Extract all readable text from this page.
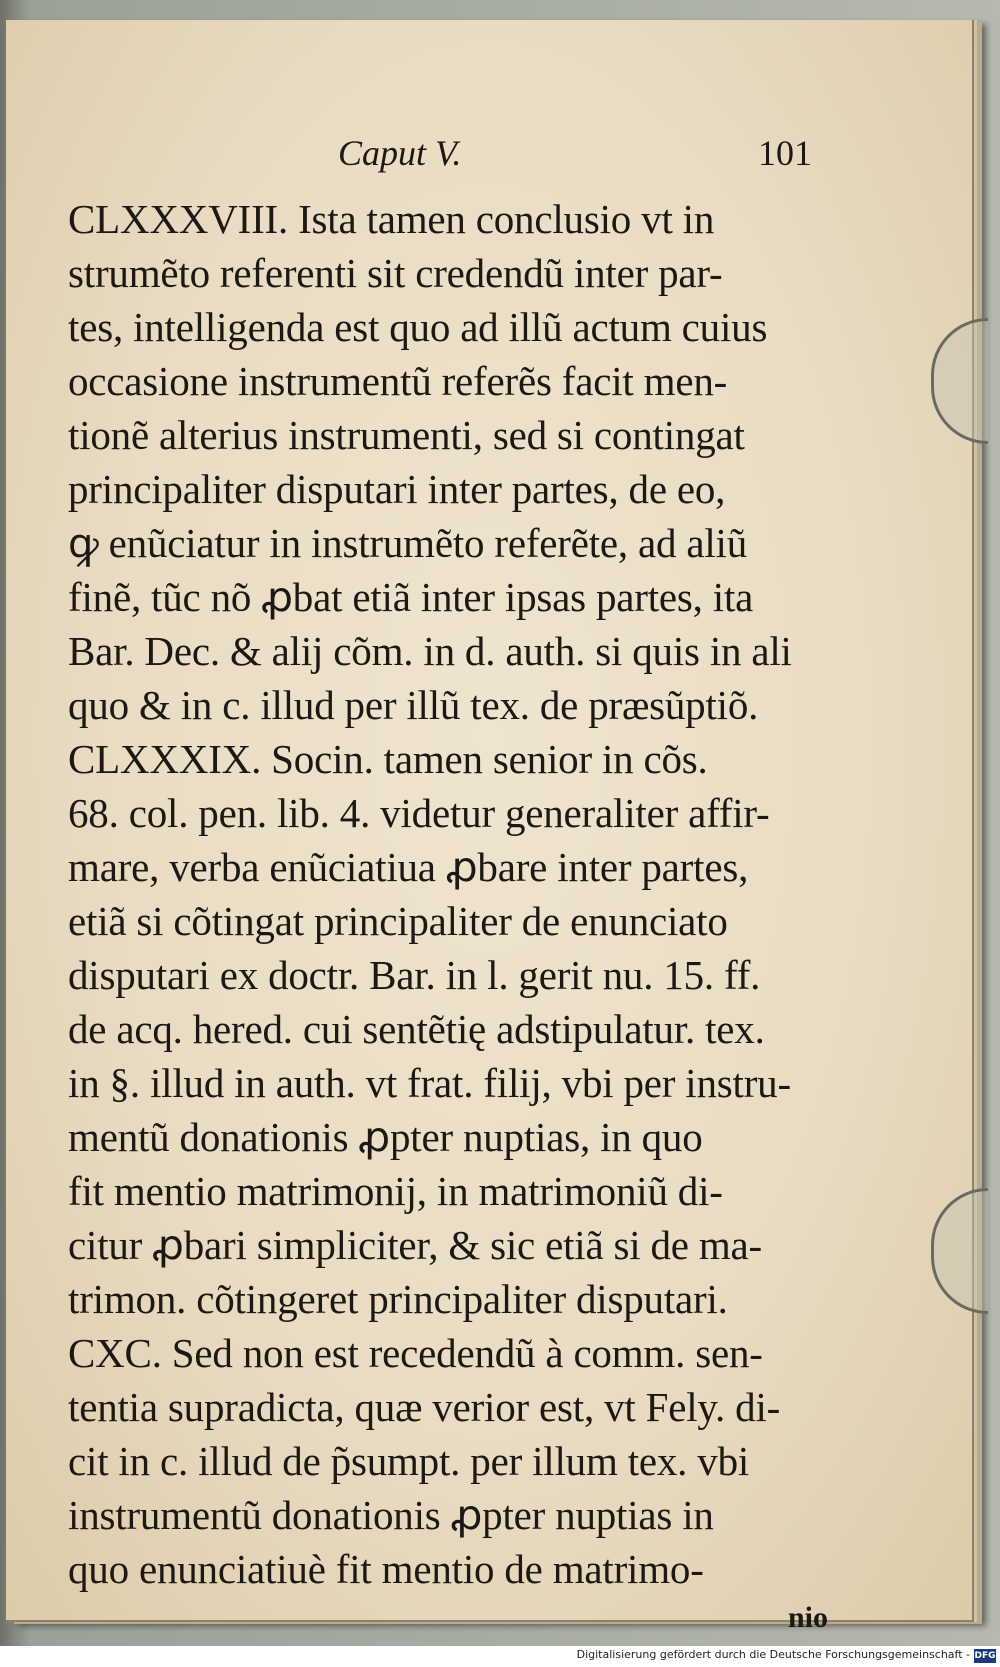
Caput V.	101
CLXXXVIII. Ista tamen conclusio vt in
strumẽto referenti sit credendũ inter par-
tes, intelligenda est quo ad illũ actum cuius
occasione instrumentũ referẽs facit men-
tionẽ alterius instrumenti, sed si contingat
principaliter disputari inter partes, de eo,
ꝙ enũciatur in instrumẽto referẽte, ad aliũ
finẽ, tũc nõ ꝓbat etiã inter ipsas partes, ita
Bar. Dec. & alij cõm. in d. auth. si quis in ali
quo & in c. illud per illũ tex. de præsũptiõ.
CLXXXIX. Socin. tamen senior in cõs.
68. col. pen. lib. 4. videtur generaliter affir-
mare, verba enũciatiua ꝓbare inter partes,
etiã si cõtingat principaliter de enunciato
disputari ex doctr. Bar. in l. gerit nu. 15. ff.
de acq. hered. cui sentẽtię adstipulatur. tex.
in §. illud in auth. vt frat. filij, vbi per instru-
mentũ donationis ꝓpter nuptias, in quo
fit mentio matrimonij, in matrimoniũ di-
citur ꝓbari simpliciter, & sic etiã si de ma-
trimon. cõtingeret principaliter disputari.
CXC. Sed non est recedendũ à comm. sen-
tentia supradicta, quæ verior est, vt Fely. di-
cit in c. illud de p̃sumpt. per illum tex. vbi
instrumentũ donationis ꝓpter nuptias in
quo enunciatiuè fit mentio de matrimo-
nio
Digitalisierung gefördert durch die Deutsche Forschungsgemeinschaft - DFG
